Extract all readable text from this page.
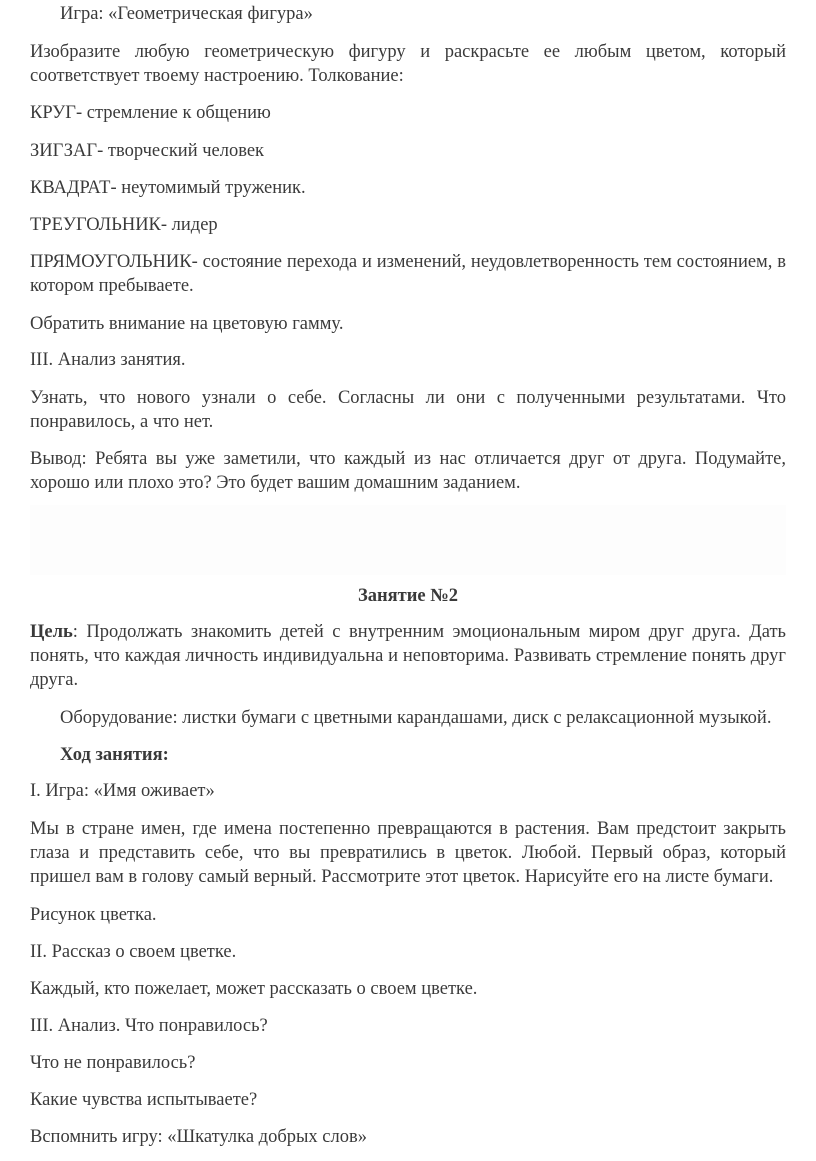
Игра: «Геометрическая фигура»

Изобразите любую геометрическую фигуру и раскрасьте ее любым цветом, который соответствует твоему настроению. Толкование:

КРУГ- стремление к общению

ЗИГЗАГ- творческий человек

КВАДРАТ- неутомимый труженик.

ТРЕУГОЛЬНИК- лидер

ПРЯМОУГОЛЬНИК- состояние перехода и изменений, неудовлетворенность тем состоянием, в котором пребываете.

Обратить внимание на цветовую гамму.

III. Анализ занятия.

Узнать, что нового узнали о себе. Согласны ли они с полученными результатами. Что понравилось, а что нет.

Вывод: Ребята вы уже заметили, что каждый из нас отличается друг от друга. Подумайте, хорошо или плохо это? Это будет вашим домашним заданием.

Занятие №2

Цель: Продолжать знакомить детей с внутренним эмоциональным миром друг друга. Дать понять, что каждая личность индивидуальна и неповторима. Развивать стремление понять друг друга.

Оборудование: листки бумаги с цветными карандашами, диск с релаксационной музыкой.

Ход занятия:

I. Игра: «Имя оживает»

Мы в стране имен, где имена постепенно превращаются в растения. Вам предстоит закрыть глаза и представить себе, что вы превратились в цветок. Любой. Первый образ, который пришел вам в голову самый верный. Рассмотрите этот цветок. Нарисуйте его на листе бумаги.

Рисунок цветка.

II. Рассказ о своем цветке.

Каждый, кто пожелает, может рассказать о своем цветке.

III. Анализ. Что понравилось?

Что не понравилось?

Какие чувства испытываете?

Вспомнить игру: «Шкатулка добрых слов»
